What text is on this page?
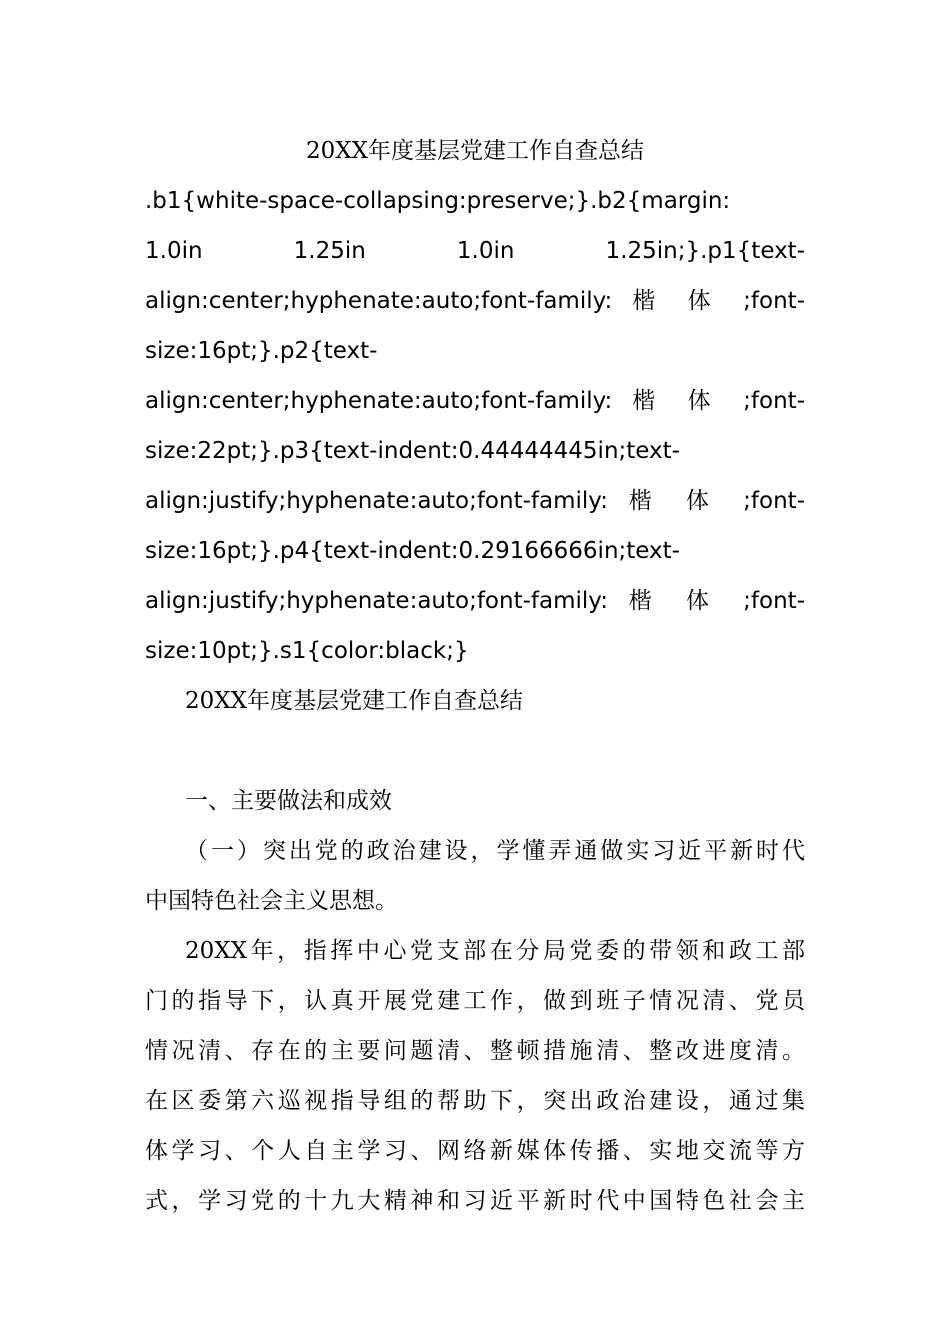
20XX年度基层党建工作自查总结
.b1{white-space-collapsing:preserve;}.b2{margin:
1.0in 1.25in 1.0in 1.25in;}.p1{text-
align:center;hyphenate:auto;font-family: 楷 体 ;font-
size:16pt;}.p2{text-
align:center;hyphenate:auto;font-family: 楷 体 ;font-
size:22pt;}.p3{text-indent:0.44444445in;text-
align:justify;hyphenate:auto;font-family: 楷 体 ;font-
size:16pt;}.p4{text-indent:0.29166666in;text-
align:justify;hyphenate:auto;font-family: 楷 体 ;font-
size:10pt;}.s1{color:black;}
20XX年度基层党建工作自查总结
一、主要做法和成效
（一）突出党的政治建设，学懂弄通做实习近平新时代
中国特色社会主义思想。
20XX年，指挥中心党支部在分局党委的带领和政工部
门的指导下，认真开展党建工作，做到班子情况清、党员
情况清、存在的主要问题清、整顿措施清、整改进度清。
在区委第六巡视指导组的帮助下，突出政治建设，通过集
体学习、个人自主学习、网络新媒体传播、实地交流等方
式，学习党的十九大精神和习近平新时代中国特色社会主
